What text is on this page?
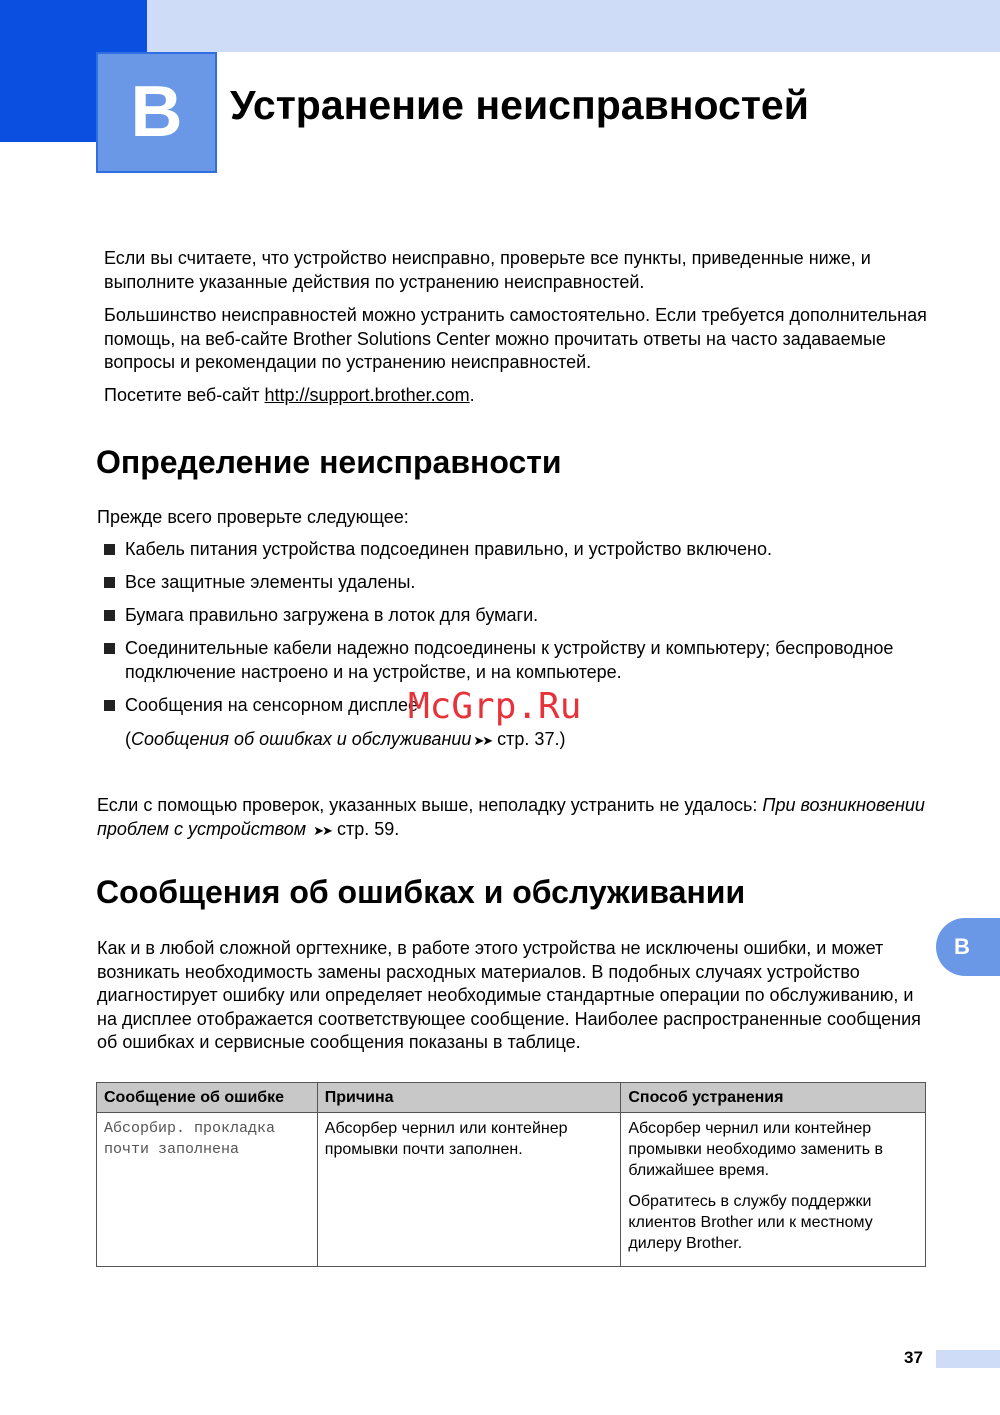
B	Устранение неисправностей

Если вы считаете, что устройство неисправно, проверьте все пункты, приведенные ниже, и выполните указанные действия по устранению неисправностей.

Большинство неисправностей можно устранить самостоятельно. Если требуется дополнительная помощь, на веб-сайте Brother Solutions Center можно прочитать ответы на часто задаваемые вопросы и рекомендации по устранению неисправностей.

Посетите веб-сайт http://support.brother.com.

Определение неисправности

Прежде всего проверьте следующее:

Кабель питания устройства подсоединен правильно, и устройство включено.
Все защитные элементы удалены.
Бумага правильно загружена в лоток для бумаги.
Соединительные кабели надежно подсоединены к устройству и компьютеру; беспроводное подключение настроено и на устройстве, и на компьютере.
Сообщения на сенсорном дисплее
(Сообщения об ошибках и обслуживании ➤➤ стр. 37.)
McGrp.Ru

Если с помощью проверок, указанных выше, неполадку устранить не удалось: При возникновении проблем с устройством ➤➤ стр. 59.

Сообщения об ошибках и обслуживании

Как и в любой сложной оргтехнике, в работе этого устройства не исключены ошибки, и может возникать необходимость замены расходных материалов. В подобных случаях устройство диагностирует ошибку или определяет необходимые стандартные операции по обслуживанию, и на дисплее отображается соответствующее сообщение. Наиболее распространенные сообщения об ошибках и сервисные сообщения показаны в таблице.

B
Сообщение об ошибке	Причина	Способ устранения
Абсорбир. прокладка почти заполнена	Абсорбер чернил или контейнер промывки почти заполнен.	Абсорбер чернил или контейнер промывки необходимо заменить в ближайшее время.

Обратитесь в службу поддержки клиентов Brother или к местному дилеру Brother.

37
